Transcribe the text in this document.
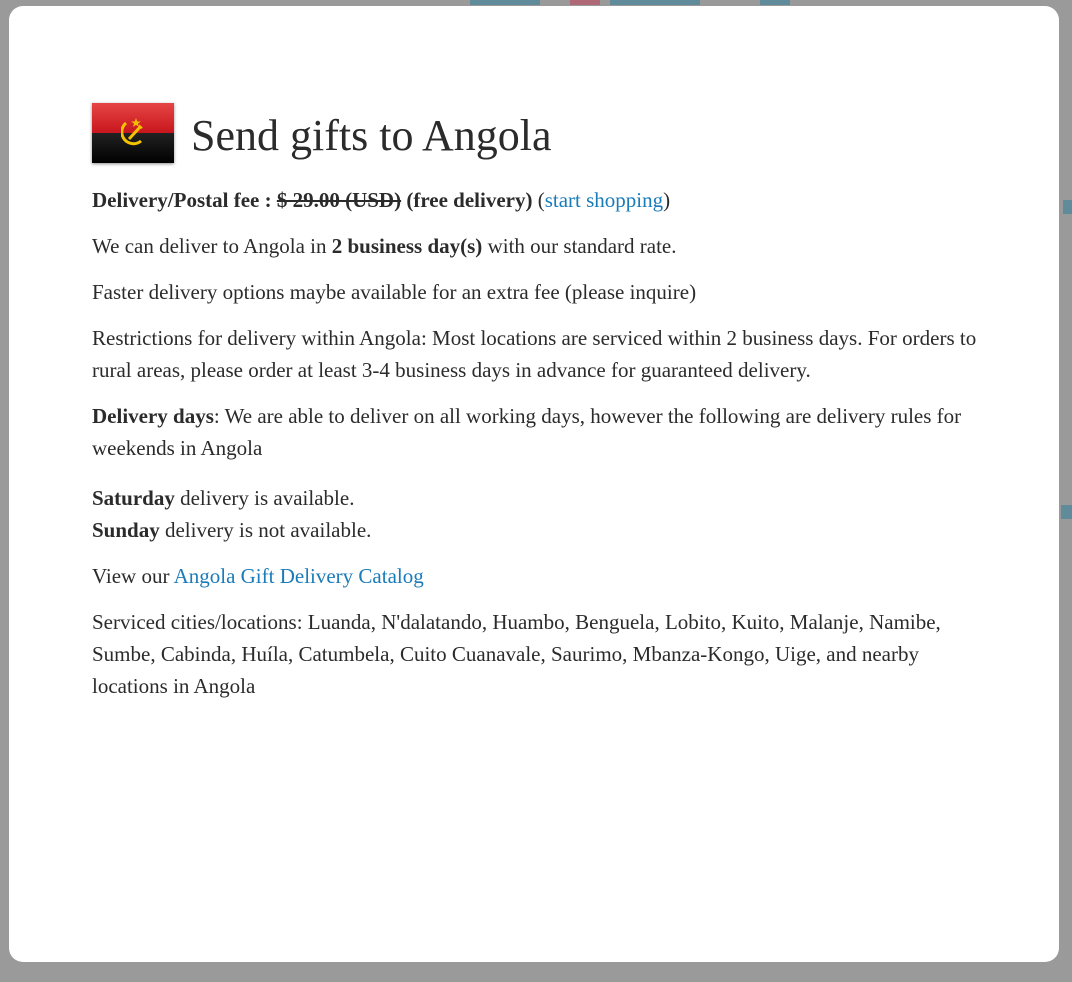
Send gifts to Angola

Delivery/Postal fee : $ 29.00 (USD) (free delivery) (start shopping)

We can deliver to Angola in 2 business day(s) with our standard rate.

Faster delivery options maybe available for an extra fee (please inquire)

Restrictions for delivery within Angola: Most locations are serviced within 2 business days. For orders to rural areas, please order at least 3-4 business days in advance for guaranteed delivery.

Delivery days: We are able to deliver on all working days, however the following are delivery rules for weekends in Angola

Saturday delivery is available.
Sunday delivery is not available.

View our Angola Gift Delivery Catalog

Serviced cities/locations: Luanda, N'dalatando, Huambo, Benguela, Lobito, Kuito, Malanje, Namibe, Sumbe, Cabinda, Huíla, Catumbela, Cuito Cuanavale, Saurimo, Mbanza-Kongo, Uige, and nearby locations in Angola
